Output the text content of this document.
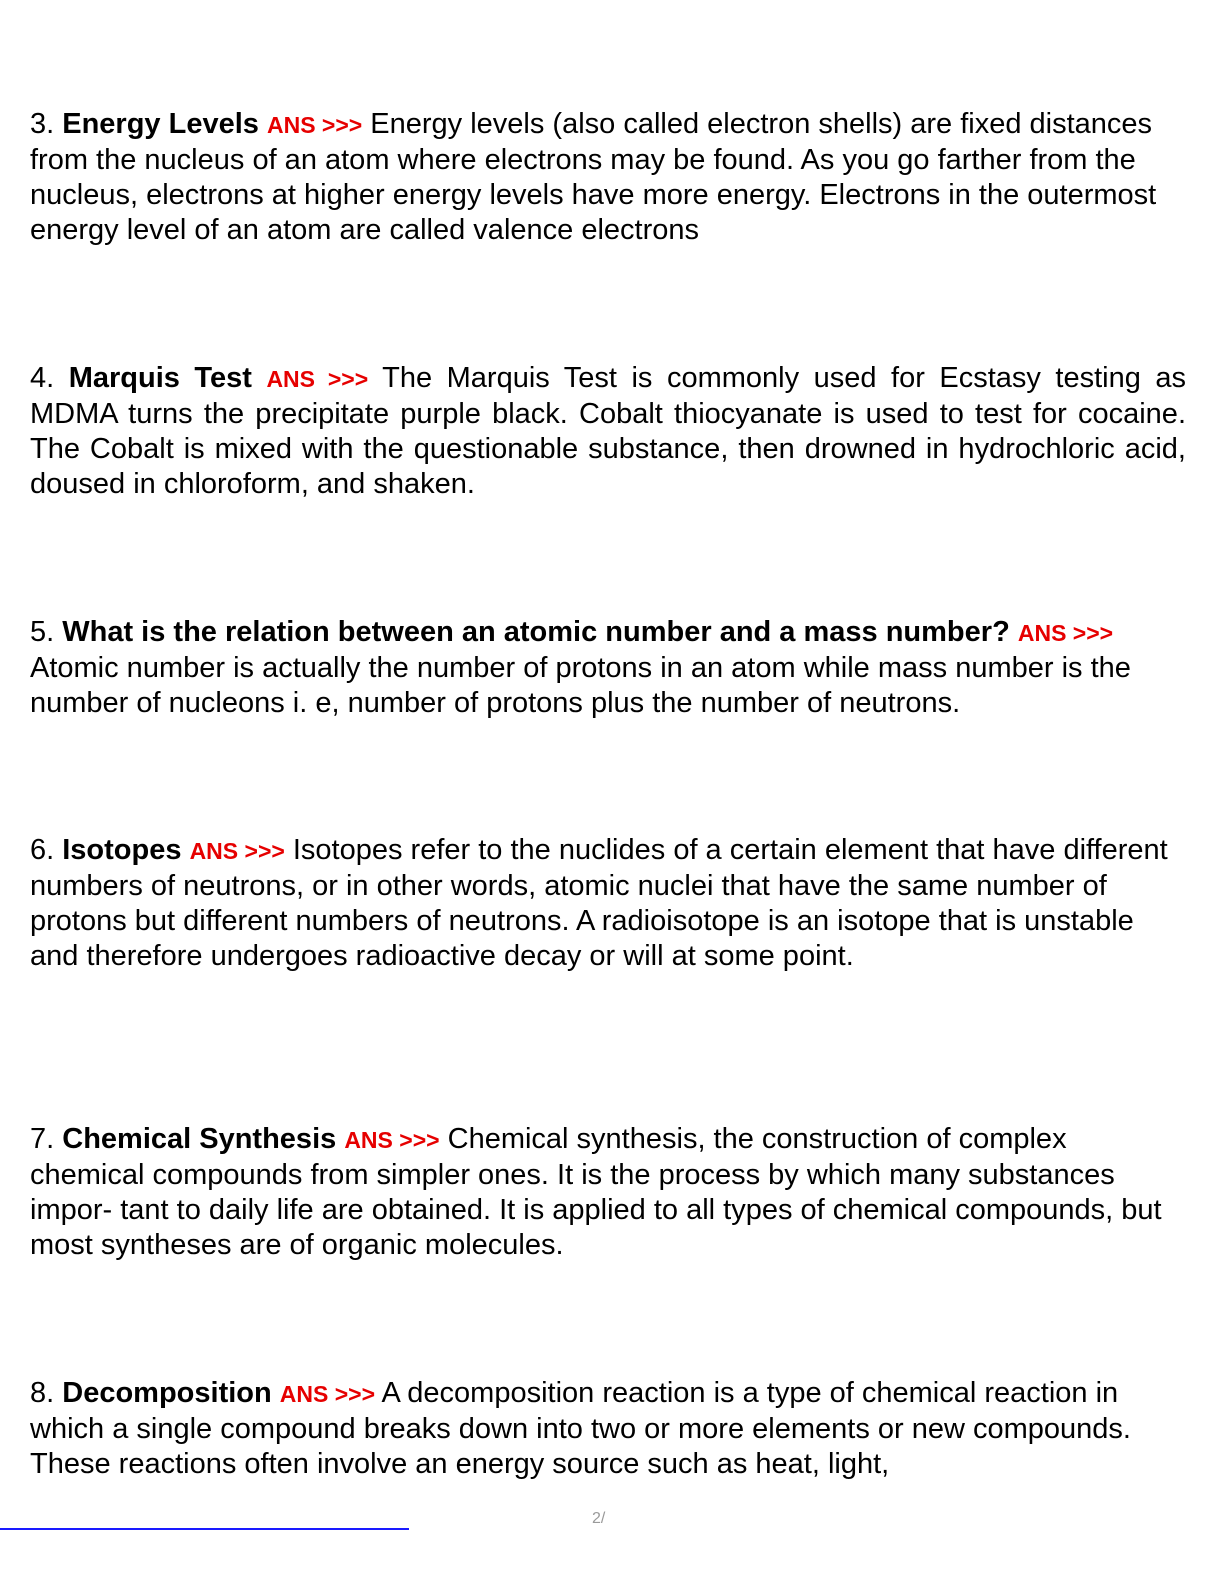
3. Energy Levels ANS >>> Energy levels (also called electron shells) are fixed distances from the nucleus of an atom where electrons may be found. As you go farther from the nucleus, electrons at higher energy levels have more energy. Electrons in the outermost energy level of an atom are called valence electrons
4. Marquis Test ANS >>> The Marquis Test is commonly used for Ecstasy testing as MDMA turns the precipitate purple black. Cobalt thiocyanate is used to test for cocaine. The Cobalt is mixed with the questionable substance, then drowned in hydrochloric acid, doused in chloroform, and shaken.
5. What is the relation between an atomic number and a mass number? ANS >>> Atomic number is actually the number of protons in an atom while mass number is the number of nucleons i. e, number of protons plus the number of neutrons.
6. Isotopes ANS >>> Isotopes refer to the nuclides of a certain element that have different numbers of neutrons, or in other words, atomic nuclei that have the same number of protons but different numbers of neutrons. A radioisotope is an isotope that is unstable and therefore undergoes radioactive decay or will at some point.
7. Chemical Synthesis ANS >>> Chemical synthesis, the construction of complex chemical compounds from simpler ones. It is the process by which many substances impor- tant to daily life are obtained. It is applied to all types of chemical compounds, but most syntheses are of organic molecules.
8. Decomposition ANS >>> A decomposition reaction is a type of chemical reaction in which a single compound breaks down into two or more elements or new compounds. These reactions often involve an energy source such as heat, light,
2/
